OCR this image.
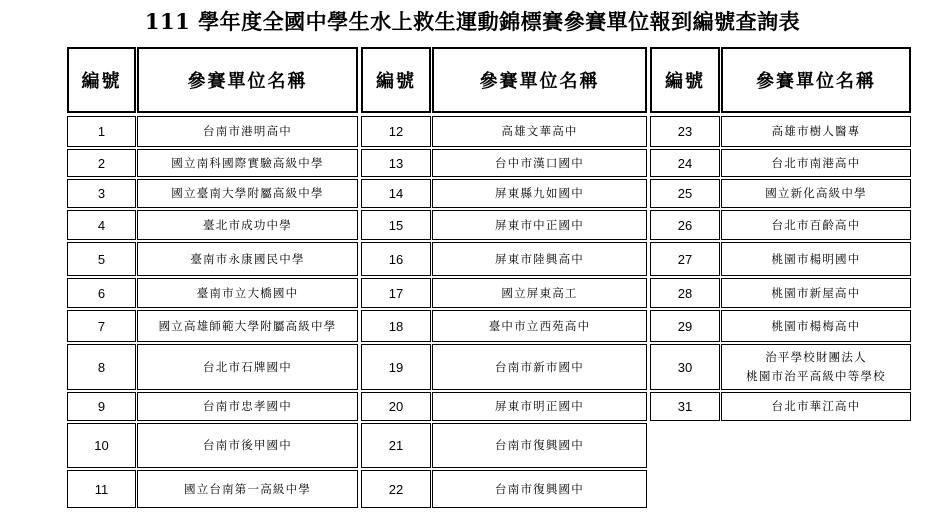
111 學年度全國中學生水上救生運動錦標賽參賽單位報到編號查詢表
編號	參賽單位名稱
1	台南市港明高中
2	國立南科國際實驗高級中學
3	國立臺南大學附屬高級中學
4	臺北市成功中學
5	臺南市永康國民中學
6	臺南市立大橋國中
7	國立高雄師範大學附屬高級中學
8	台北市石牌國中
9	台南市忠孝國中
10	台南市後甲國中
11	國立台南第一高級中學
編號	參賽單位名稱
12	高雄文華高中
13	台中市漢口國中
14	屏東縣九如國中
15	屏東市中正國中
16	屏東市陸興高中
17	國立屏東高工
18	臺中市立西苑高中
19	台南市新市國中
20	屏東市明正國中
21	台南市復興國中
22	台南市復興國中
編號	參賽單位名稱
23	高雄市樹人醫專
24	台北市南港高中
25	國立新化高級中學
26	台北市百齡高中
27	桃園市楊明國中
28	桃園市新屋高中
29	桃園市楊梅高中
30
治平學校財團法人
桃園市治平高級中等學校
31	台北市華江高中
